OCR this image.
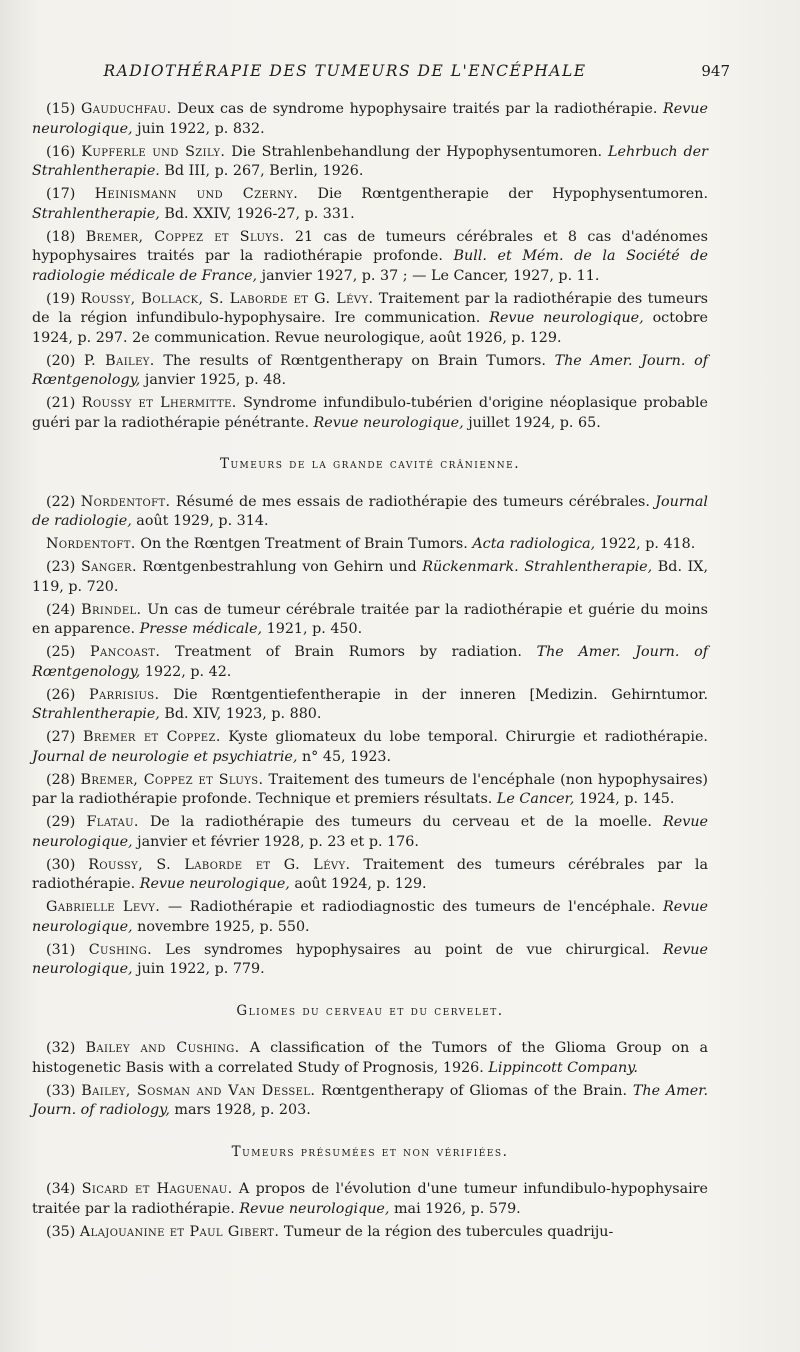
RADIOTHÉRAPIE DES TUMEURS DE L'ENCÉPHALE	947
(15) Gauduchfau. Deux cas de syndrome hypophysaire traités par la radiothérapie. Revue neurologique, juin 1922, p. 832.
(16) Kupferle und Szily. Die Strahlenbehandlung der Hypophysentumoren. Lehrbuch der Strahlentherapie. Bd III, p. 267, Berlin, 1926.
(17) Heinismann und Czerny. Die Rœntgentherapie der Hypophysentumoren. Strahlentherapie, Bd. XXIV, 1926-27, p. 331.
(18) Bremer, Coppez et Sluys. 21 cas de tumeurs cérébrales et 8 cas d'adénomes hypophysaires traités par la radiothérapie profonde. Bull. et Mém. de la Société de radiologie médicale de France, janvier 1927, p. 37 ; — Le Cancer, 1927, p. 11.
(19) Roussy, Bollack, S. Laborde et G. Lévy. Traitement par la radiothérapie des tumeurs de la région infundibulo-hypophysaire. Ire communication. Revue neurologique, octobre 1924, p. 297. 2e communication. Revue neurologique, août 1926, p. 129.
(20) P. Bailey. The results of Rœntgentherapy on Brain Tumors. The Amer. Journ. of Rœntgenology, janvier 1925, p. 48.
(21) Roussy et Lhermitte. Syndrome infundibulo-tubérien d'origine néoplasique probable guéri par la radiothérapie pénétrante. Revue neurologique, juillet 1924, p. 65.
Tumeurs de la grande cavité crânienne.
(22) Nordentoft. Résumé de mes essais de radiothérapie des tumeurs cérébrales. Journal de radiologie, août 1929, p. 314.
Nordentoft. On the Rœntgen Treatment of Brain Tumors. Acta radiologica, 1922, p. 418.
(23) Sanger. Rœntgenbestrahlung von Gehirn und Rückenmark. Strahlentherapie, Bd. IX, 119, p. 720.
(24) Brindel. Un cas de tumeur cérébrale traitée par la radiothérapie et guérie du moins en apparence. Presse médicale, 1921, p. 450.
(25) Pancoast. Treatment of Brain Rumors by radiation. The Amer. Journ. of Rœntgenology, 1922, p. 42.
(26) Parrisius. Die Rœntgentiefentherapie in der inneren [Medizin. Gehirntumor. Strahlentherapie, Bd. XIV, 1923, p. 880.
(27) Bremer et Coppez. Kyste gliomateux du lobe temporal. Chirurgie et radiothérapie. Journal de neurologie et psychiatrie, n° 45, 1923.
(28) Bremer, Coppez et Sluys. Traitement des tumeurs de l'encéphale (non hypophysaires) par la radiothérapie profonde. Technique et premiers résultats. Le Cancer, 1924, p. 145.
(29) Flatau. De la radiothérapie des tumeurs du cerveau et de la moelle. Revue neurologique, janvier et février 1928, p. 23 et p. 176.
(30) Roussy, S. Laborde et G. Lévy. Traitement des tumeurs cérébrales par la radiothérapie. Revue neurologique, août 1924, p. 129.
Gabrielle Levy. — Radiothérapie et radiodiagnostic des tumeurs de l'encéphale. Revue neurologique, novembre 1925, p. 550.
(31) Cushing. Les syndromes hypophysaires au point de vue chirurgical. Revue neurologique, juin 1922, p. 779.
Gliomes du cerveau et du cervelet.
(32) Bailey and Cushing. A classification of the Tumors of the Glioma Group on a histogenetic Basis with a correlated Study of Prognosis, 1926. Lippincott Company.
(33) Bailey, Sosman and Van Dessel. Rœntgentherapy of Gliomas of the Brain. The Amer. Journ. of radiology, mars 1928, p. 203.
Tumeurs présumées et non vérifiées.
(34) Sicard et Haguenau. A propos de l'évolution d'une tumeur infundibulo-hypophysaire traitée par la radiothérapie. Revue neurologique, mai 1926, p. 579.
(35) Alajouanine et Paul Gibert. Tumeur de la région des tubercules quadriju-
